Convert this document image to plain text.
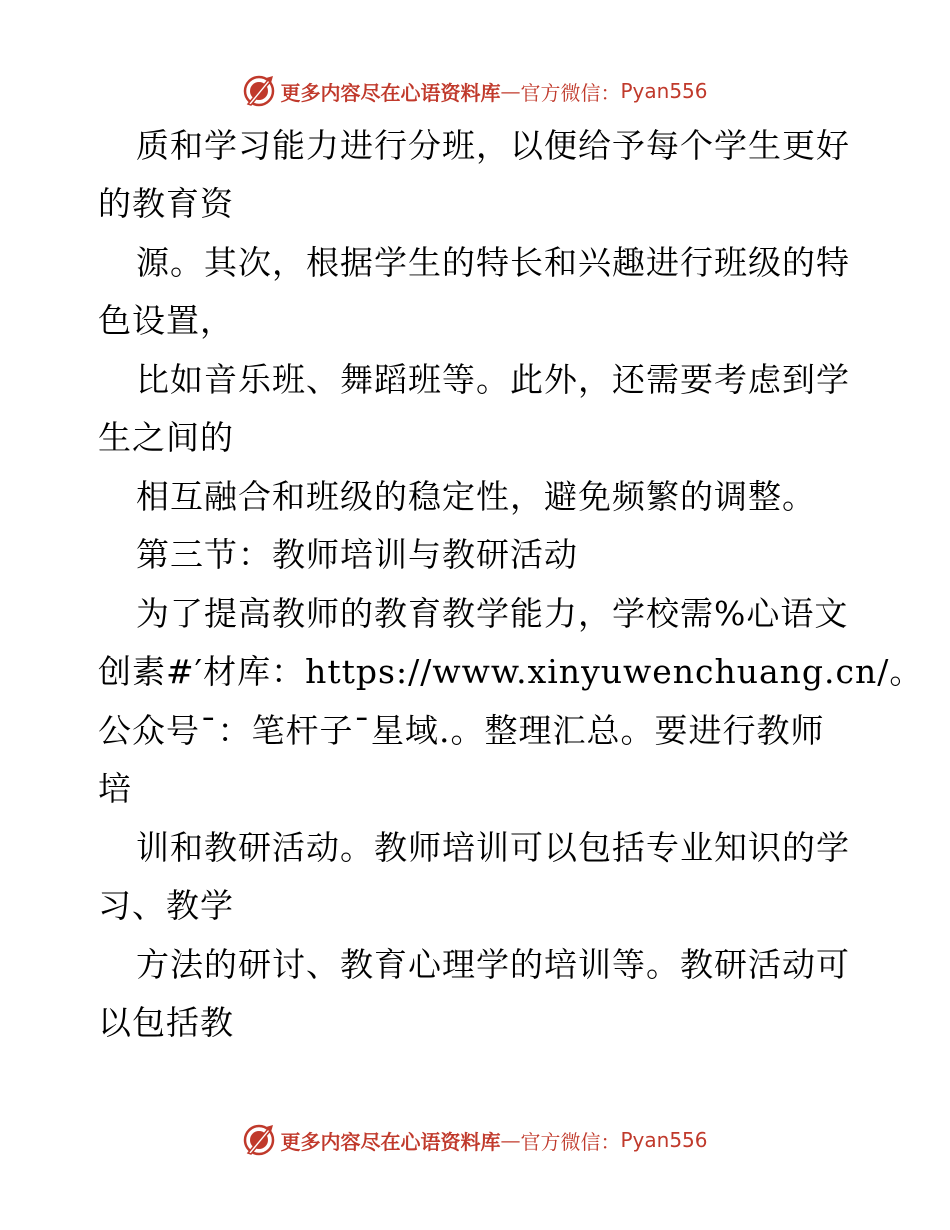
更多内容尽在心语资料库 — 官方微信： Pyan556
质和学习能力进行分班，以便给予每个学生更好
的教育资
源。其次，根据学生的特长和兴趣进行班级的特
色设置，
比如音乐班、舞蹈班等。此外，还需要考虑到学
生之间的
相互融合和班级的稳定性，避免频繁的调整。
第三节：教师培训与教研活动
为了提高教师的教育教学能力，学校需%心语文
创素#′材库：https://www.xinyuwenchuang.cn/。
公众号¯：笔杆子¯星域.。整理汇总。要进行教师
培
训和教研活动。教师培训可以包括专业知识的学
习、教学
方法的研讨、教育心理学的培训等。教研活动可
以包括教
更多内容尽在心语资料库 — 官方微信： Pyan556
